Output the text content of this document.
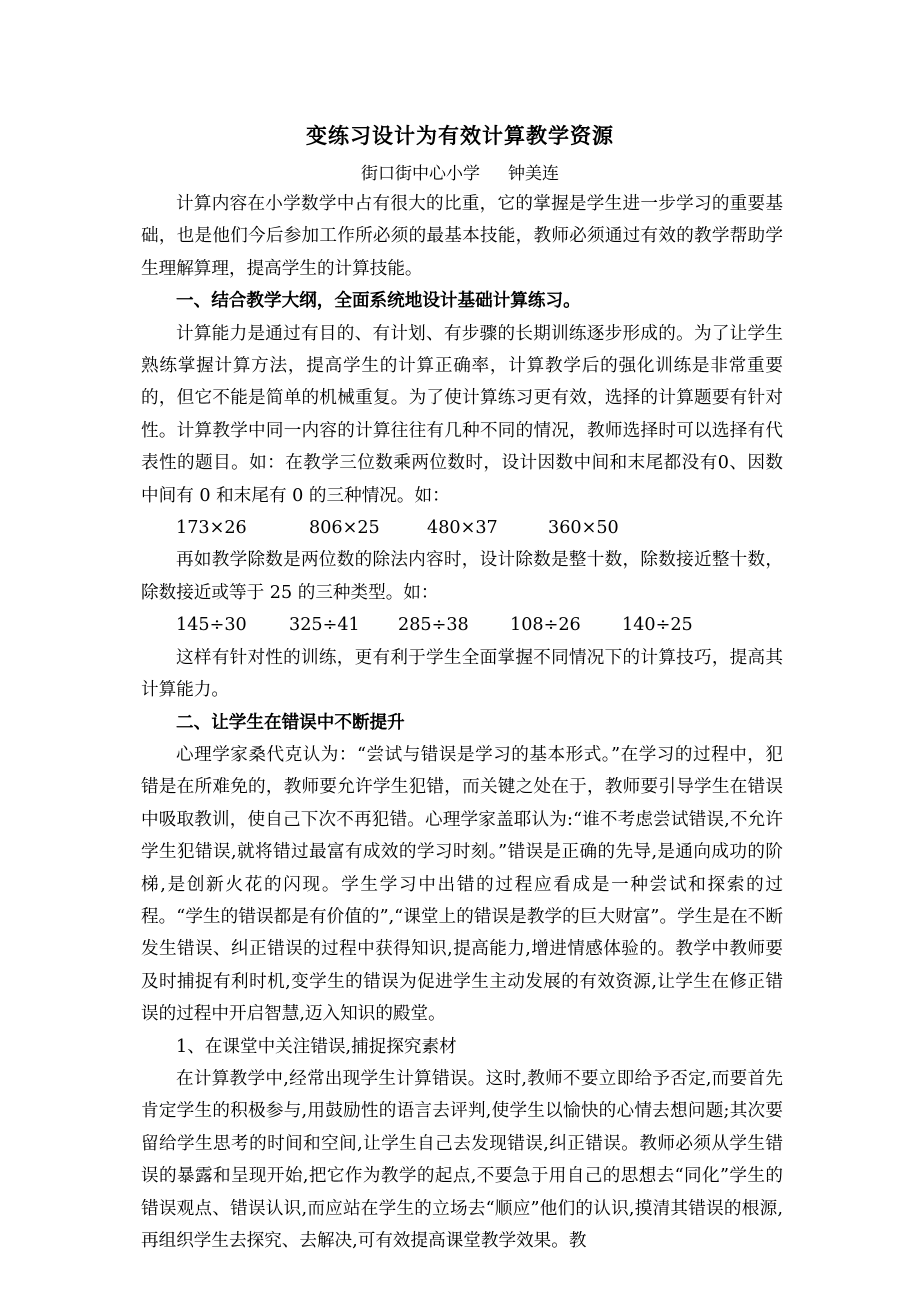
变练习设计为有效计算教学资源
街口街中心小学 钟美连

计算内容在小学数学中占有很大的比重，它的掌握是学生进一步学习的重要基础，也是他们今后参加工作所必须的最基本技能，教师必须通过有效的教学帮助学生理解算理，提高学生的计算技能。

一、结合教学大纲，全面系统地设计基础计算练习。

计算能力是通过有目的、有计划、有步骤的长期训练逐步形成的。为了让学生熟练掌握计算方法，提高学生的计算正确率，计算教学后的强化训练是非常重要的，但它不能是简单的机械重复。为了使计算练习更有效，选择的计算题要有针对性。计算教学中同一内容的计算往往有几种不同的情况，教师选择时可以选择有代表性的题目。如：在教学三位数乘两位数时，设计因数中间和末尾都没有0、因数中间有 0 和末尾有 0 的三种情况。如：

173×26	806×25	480×37	360×50

再如教学除数是两位数的除法内容时，设计除数是整十数，除数接近整十数，除数接近或等于 25 的三种类型。如：

145÷30	325÷41	285÷38	108÷26	140÷25

这样有针对性的训练，更有利于学生全面掌握不同情况下的计算技巧，提高其计算能力。

二、让学生在错误中不断提升

心理学家桑代克认为：“尝试与错误是学习的基本形式。”在学习的过程中，犯错是在所难免的，教师要允许学生犯错，而关键之处在于，教师要引导学生在错误中吸取教训，使自己下次不再犯错。心理学家盖耶认为:“谁不考虑尝试错误,不允许学生犯错误,就将错过最富有成效的学习时刻。”错误是正确的先导,是通向成功的阶梯,是创新火花的闪现。学生学习中出错的过程应看成是一种尝试和探索的过程。“学生的错误都是有价值的”,“课堂上的错误是教学的巨大财富”。学生是在不断发生错误、纠正错误的过程中获得知识,提高能力,增进情感体验的。教学中教师要及时捕捉有利时机,变学生的错误为促进学生主动发展的有效资源,让学生在修正错误的过程中开启智慧,迈入知识的殿堂。

1、在课堂中关注错误,捕捉探究素材

在计算教学中,经常出现学生计算错误。这时,教师不要立即给予否定,而要首先肯定学生的积极参与,用鼓励性的语言去评判,使学生以愉快的心情去想问题;其次要留给学生思考的时间和空间,让学生自己去发现错误,纠正错误。教师必须从学生错误的暴露和呈现开始,把它作为教学的起点,不要急于用自己的思想去“同化”学生的错误观点、错误认识,而应站在学生的立场去“顺应”他们的认识,摸清其错误的根源,再组织学生去探究、去解决,可有效提高课堂教学效果。教
